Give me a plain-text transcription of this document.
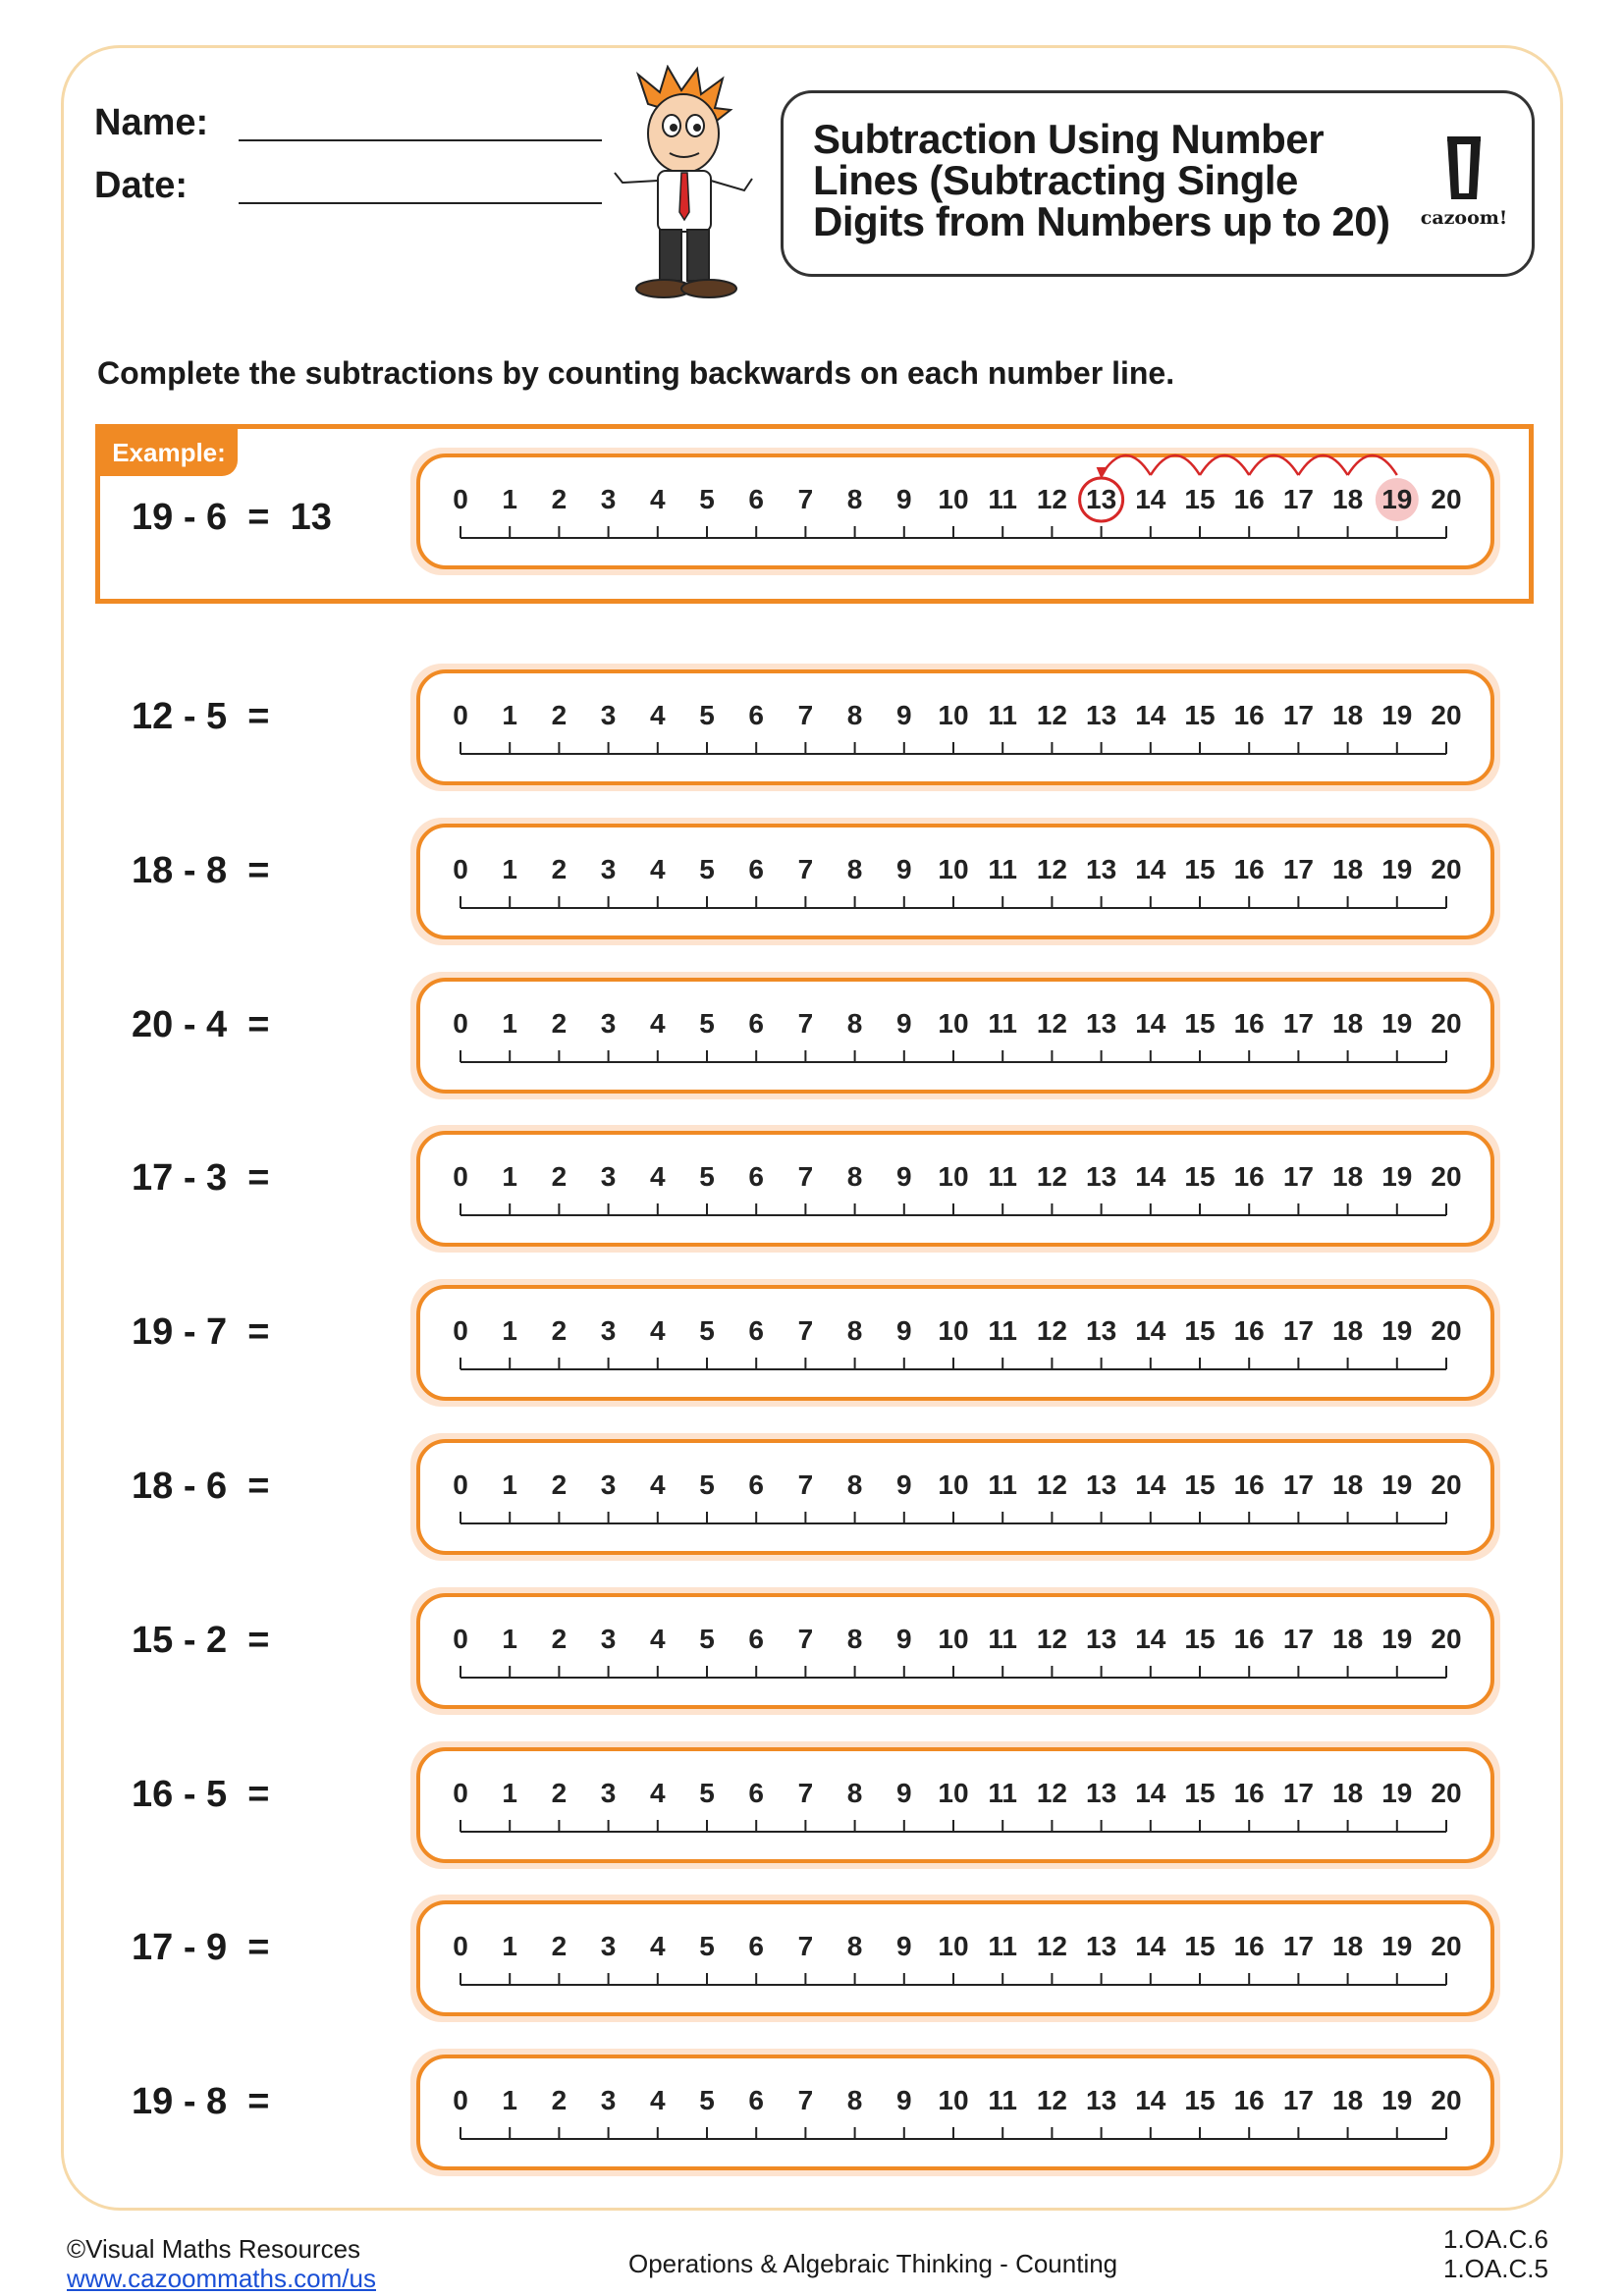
Name:
Date:
Subtraction Using Number Lines (Subtracting Single Digits from Numbers up to 20)	cazoom!
Complete the subtractions by counting backwards on each number line.
Example:
19 - 6  =  13	0 1 2 3 4 5 6 7 8 9 10 11 12 13 14 15 16 17 18 19 20
12 - 5  =	0 1 2 3 4 5 6 7 8 9 10 11 12 13 14 15 16 17 18 19 20
18 - 8  =	0 1 2 3 4 5 6 7 8 9 10 11 12 13 14 15 16 17 18 19 20
20 - 4  =	0 1 2 3 4 5 6 7 8 9 10 11 12 13 14 15 16 17 18 19 20
17 - 3  =	0 1 2 3 4 5 6 7 8 9 10 11 12 13 14 15 16 17 18 19 20
19 - 7  =	0 1 2 3 4 5 6 7 8 9 10 11 12 13 14 15 16 17 18 19 20
18 - 6  =	0 1 2 3 4 5 6 7 8 9 10 11 12 13 14 15 16 17 18 19 20
15 - 2  =	0 1 2 3 4 5 6 7 8 9 10 11 12 13 14 15 16 17 18 19 20
16 - 5  =	0 1 2 3 4 5 6 7 8 9 10 11 12 13 14 15 16 17 18 19 20
17 - 9  =	0 1 2 3 4 5 6 7 8 9 10 11 12 13 14 15 16 17 18 19 20
19 - 8  =	0 1 2 3 4 5 6 7 8 9 10 11 12 13 14 15 16 17 18 19 20
©Visual Maths Resources
www.cazoommaths.com/us	Operations & Algebraic Thinking - Counting
1.OA.C.6
1.OA.C.5
